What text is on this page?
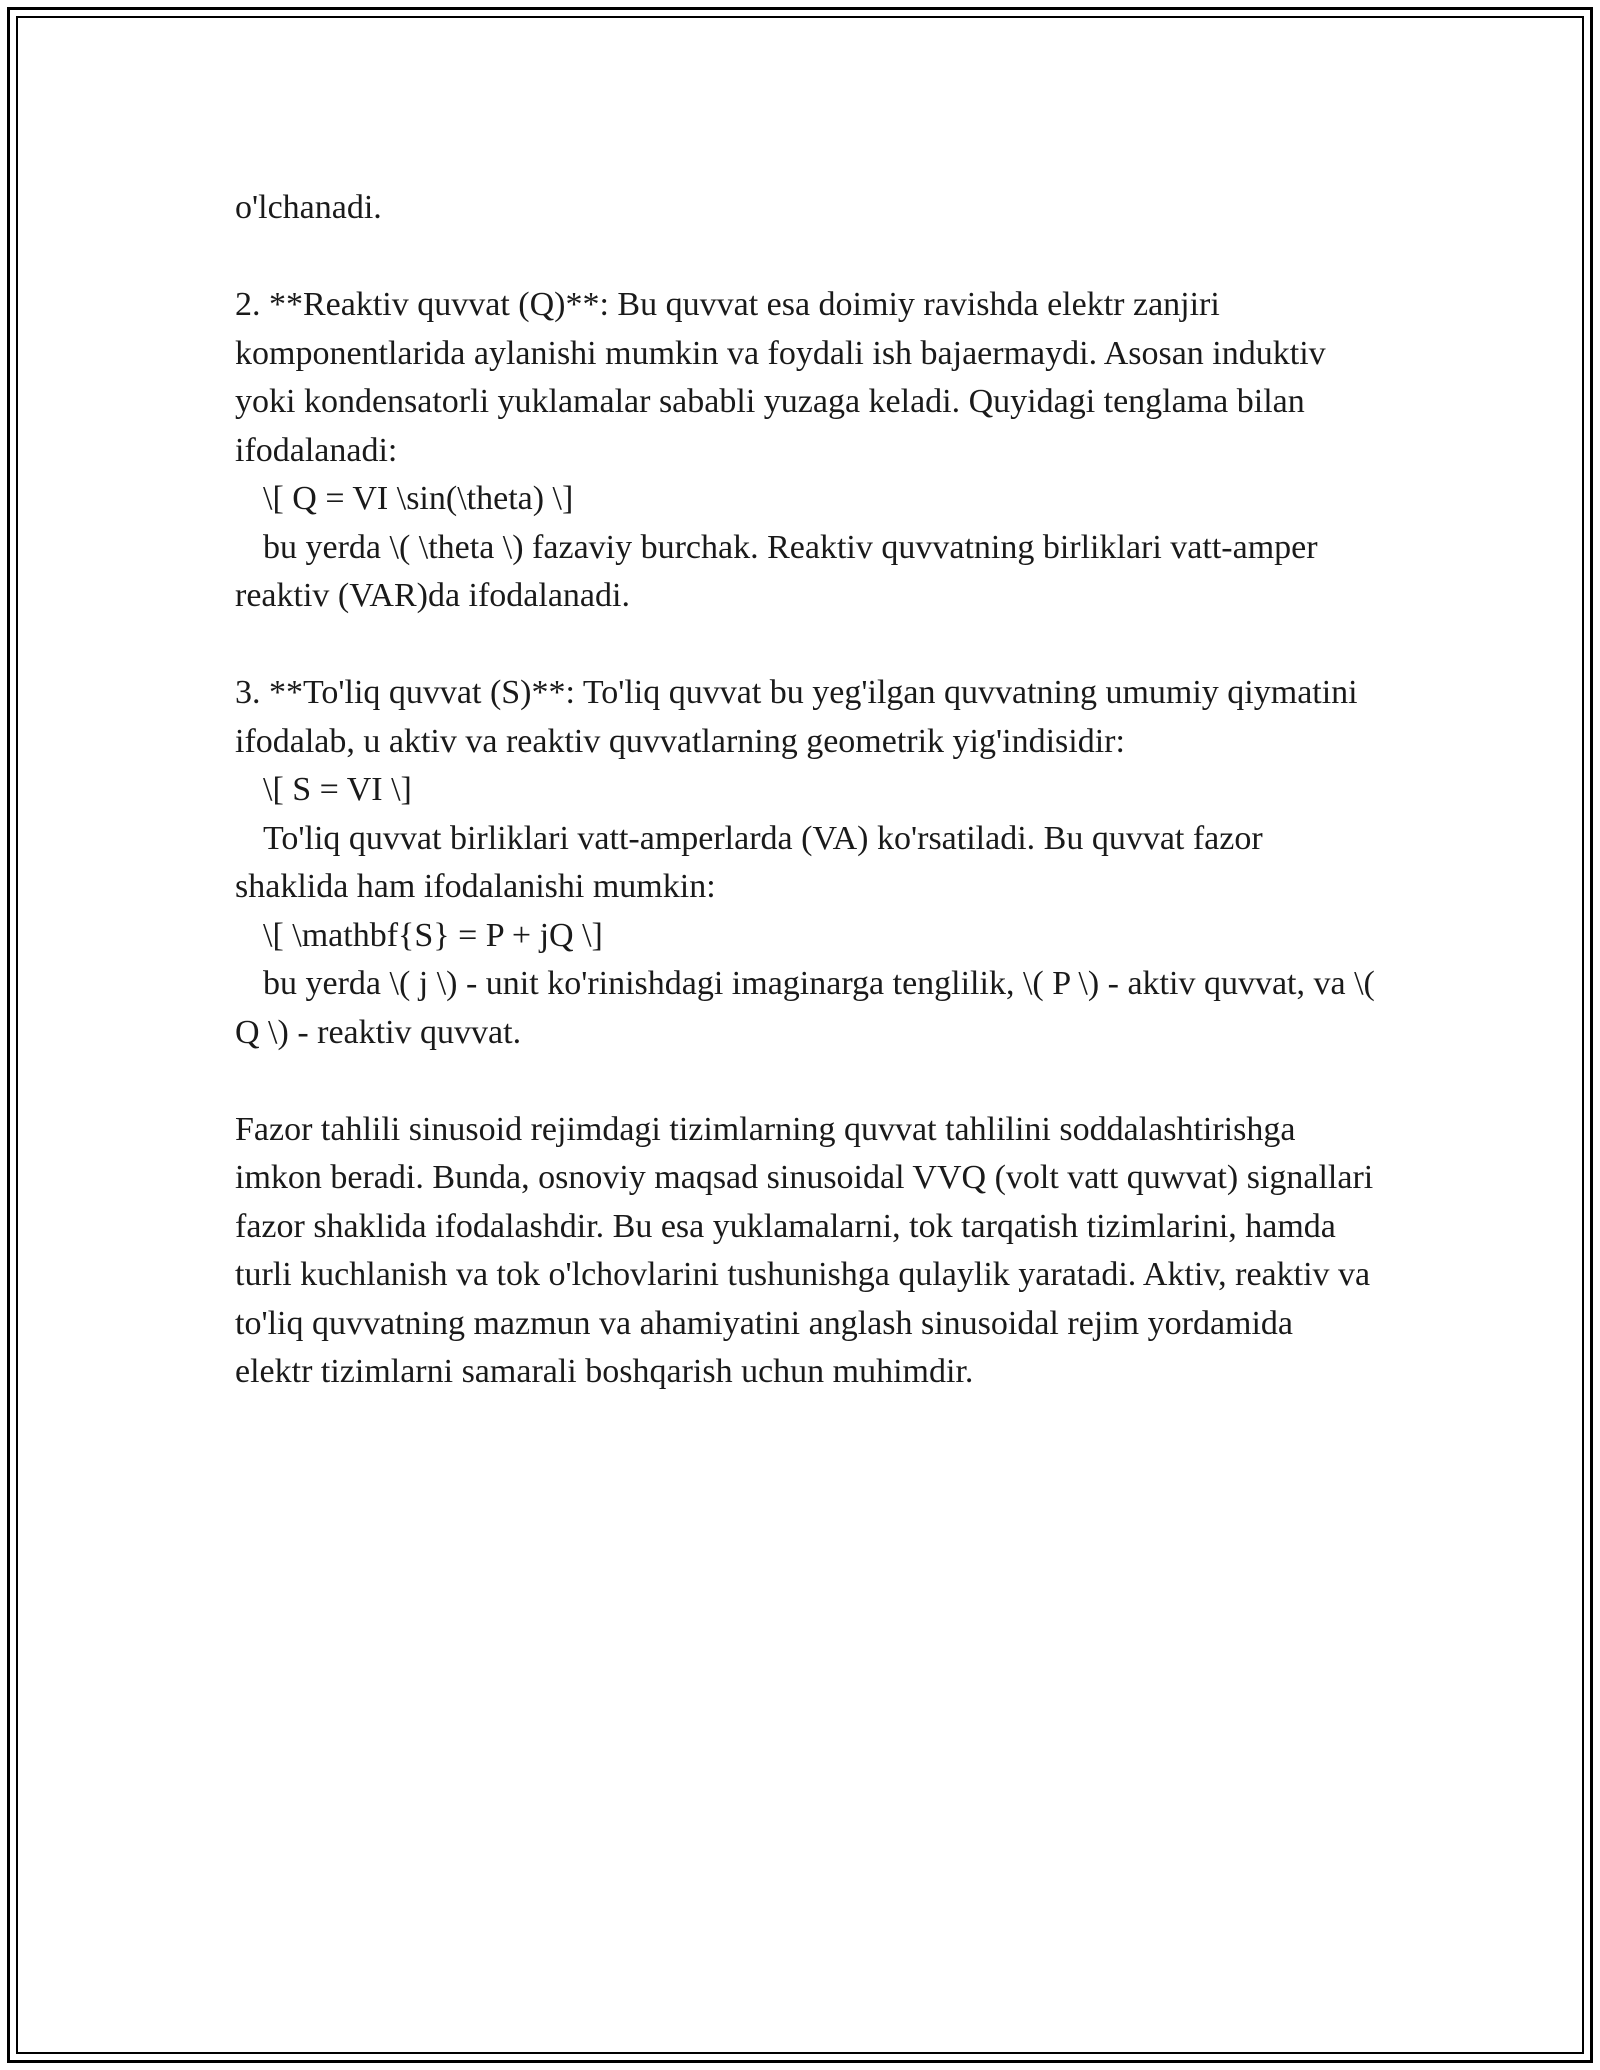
o'lchanadi.

2. **Reaktiv quvvat (Q)**: Bu quvvat esa doimiy ravishda elektr zanjiri komponentlarida aylanishi mumkin va foydali ish bajaermaydi. Asosan induktiv yoki kondensatorli yuklamalar sababli yuzaga keladi. Quyidagi tenglama bilan ifodalanadi:

\[ Q = VI \sin(\theta) \]

bu yerda \( \theta \) fazaviy burchak. Reaktiv quvvatning birliklari vatt-amper reaktiv (VAR)da ifodalanadi.

3. **To'liq quvvat (S)**: To'liq quvvat bu yeg'ilgan quvvatning umumiy qiymatini ifodalab, u aktiv va reaktiv quvvatlarning geometrik yig'indisidir:

\[ S = VI \]

To'liq quvvat birliklari vatt-amperlarda (VA) ko'rsatiladi. Bu quvvat fazor shaklida ham ifodalanishi mumkin:

\[ \mathbf{S} = P + jQ \]

bu yerda \( j \) - unit ko'rinishdagi imaginarga tenglilik, \( P \) - aktiv quvvat, va \( Q \) - reaktiv quvvat.

Fazor tahlili sinusoid rejimdagi tizimlarning quvvat tahlilini soddalashtirishga imkon beradi. Bunda, osnoviy maqsad sinusoidal VVQ (volt vatt quwvat) signallari fazor shaklida ifodalashdir. Bu esa yuklamalarni, tok tarqatish tizimlarini, hamda turli kuchlanish va tok o'lchovlarini tushunishga qulaylik yaratadi. Aktiv, reaktiv va to'liq quvvatning mazmun va ahamiyatini anglash sinusoidal rejim yordamida elektr tizimlarni samarali boshqarish uchun muhimdir.
